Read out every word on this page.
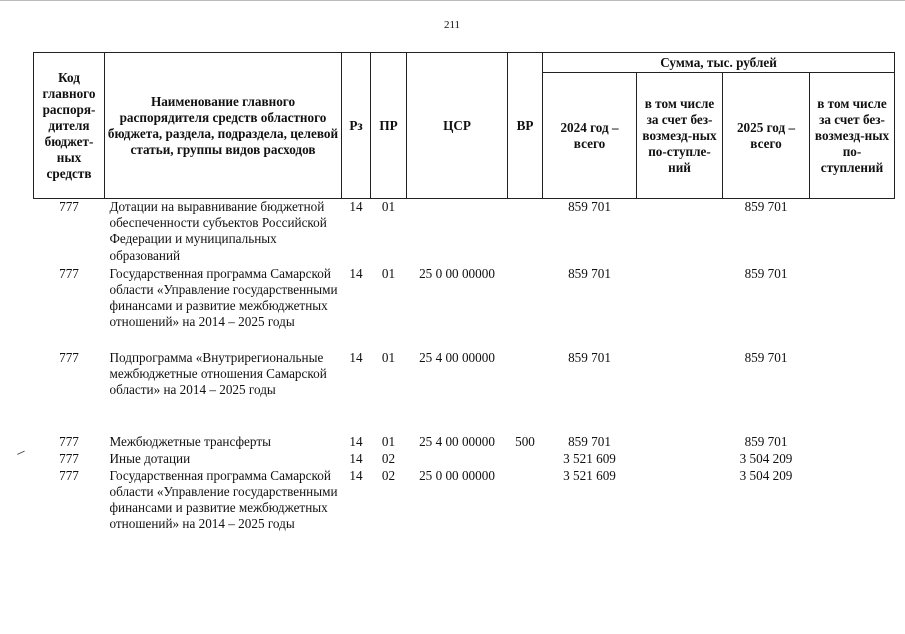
211
Код главного распоря-дителя бюджет-ных средств	Наименование главного распорядителя средств областного бюджета, раздела, подраздела, целевой статьи, группы видов расходов	Рз	ПР	ЦСР	ВР	Сумма, тыс. рублей			
						2024 год – всего	в том числе за счет без-возмезд-ных по-ступле-ний	2025 год – всего	в том числе за счет без-возмезд-ных по-ступлений
777	Дотации на выравнивание бюджетной обеспеченности субъектов Российской Федерации и муниципальных образований	14	01			859 701		859 701	
777	Государственная программа Самарской области «Управление государственными финансами и развитие межбюджетных отношений» на 2014 – 2025 годы	14	01	25 0 00 00000		859 701		859 701	
777	Подпрограмма «Внутрирегиональные межбюджетные отношения Самарской области» на 2014 – 2025 годы	14	01	25 4 00 00000		859 701		859 701	
777	Межбюджетные трансферты	14	01	25 4 00 00000	500	859 701		859 701	
777	Иные дотации	14	02			3 521 609		3 504 209	
777	Государственная программа Самарской области «Управление государственными финансами и развитие межбюджетных отношений» на 2014 – 2025 годы	14	02	25 0 00 00000		3 521 609		3 504 209	
